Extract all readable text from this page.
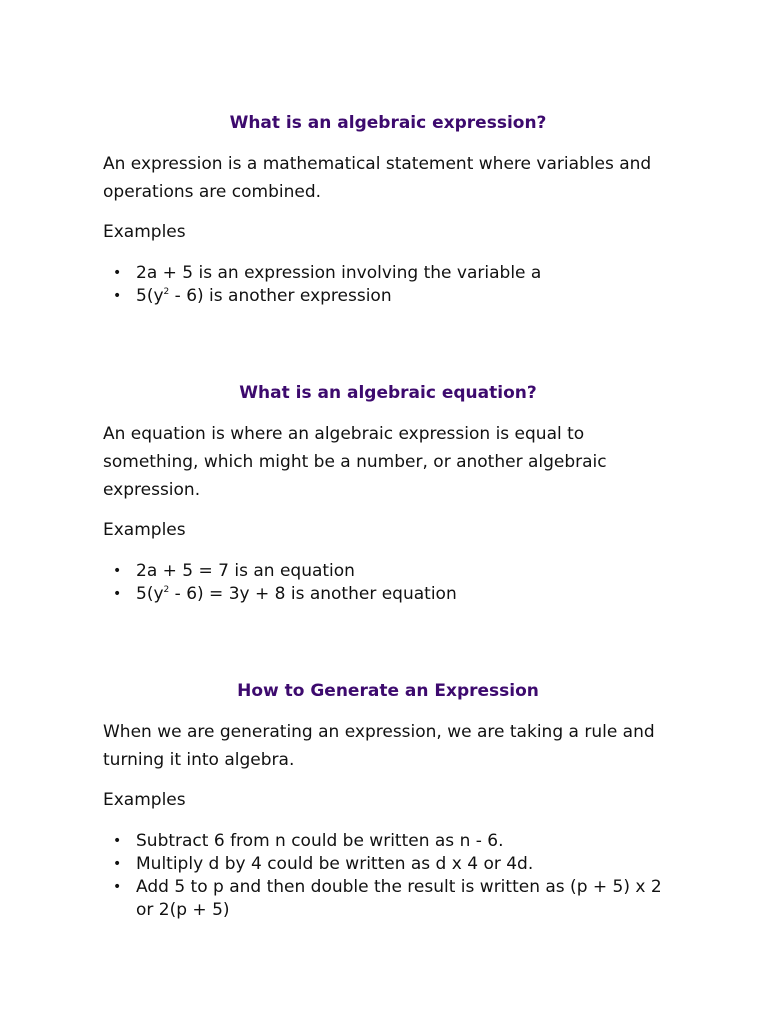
What is an algebraic expression?

An expression is a mathematical statement where variables and operations are combined.

Examples

• 2a + 5 is an expression involving the variable a
• $5(y^2 - 6)$ is another expression
What is an algebraic equation?

An equation is where an algebraic expression is equal to something, which might be a number, or another algebraic expression.

Examples

• 2a + 5 = 7 is an equation
• $5(y^2 - 6) = 3y + 8$ is another equation
How to Generate an Expression

When we are generating an expression, we are taking a rule and turning it into algebra.

Examples

• Subtract 6 from n could be written as n - 6.
• Multiply d by 4 could be written as d x 4 or 4d.
• Add 5 to p and then double the result is written as (p + 5) x 2 or 2(p + 5)
